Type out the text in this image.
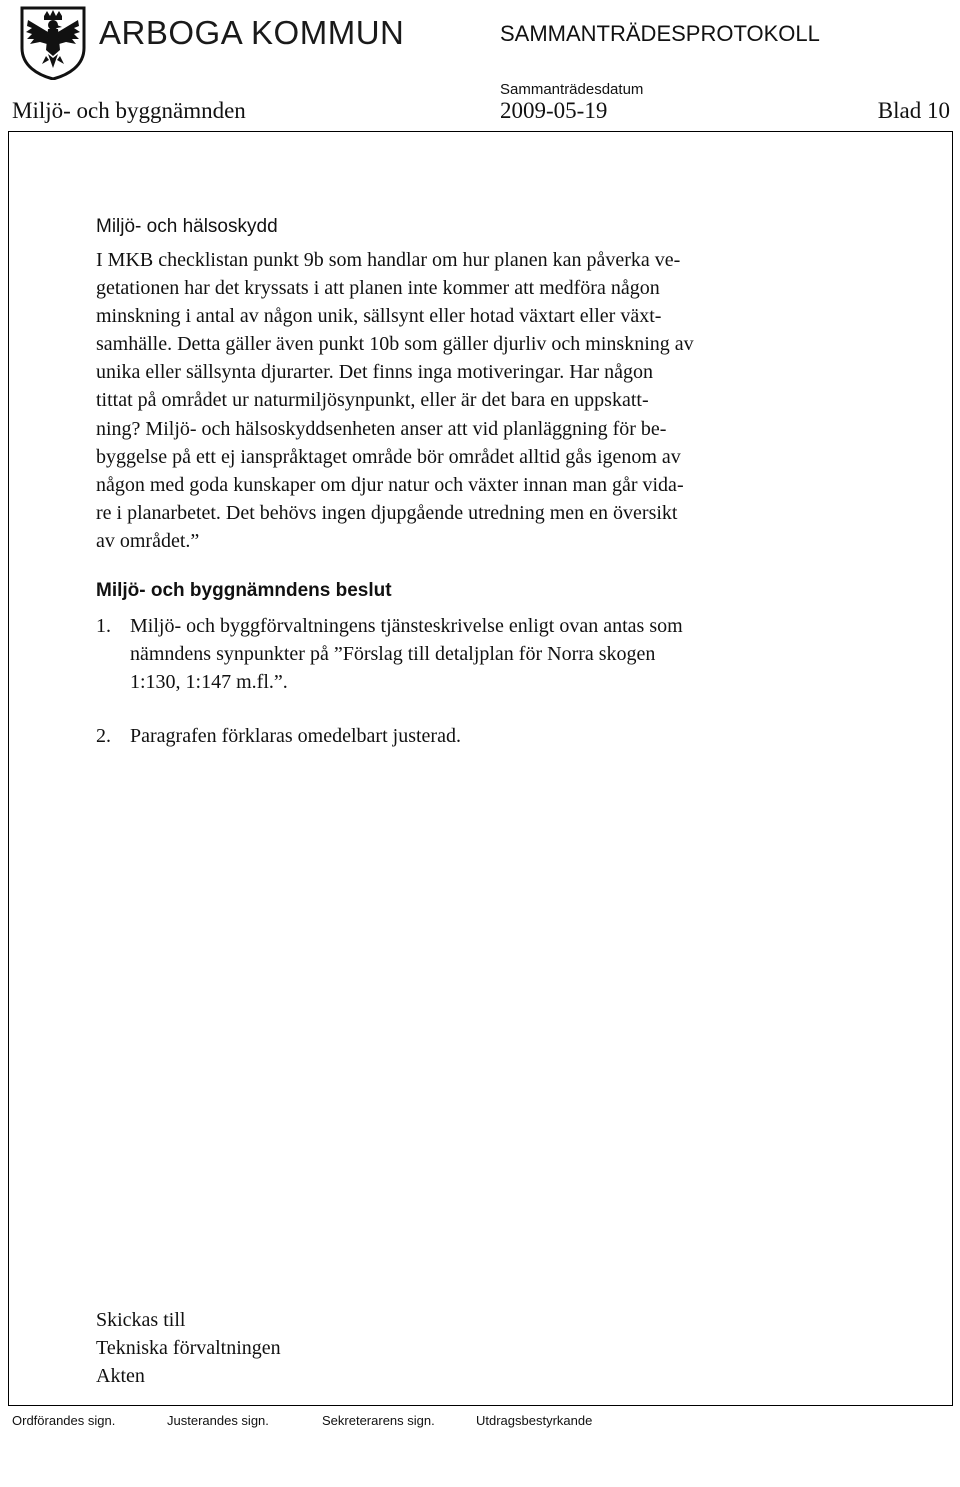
ARBOGA KOMMUN	SAMMANTRÄDESPROTOKOLL
Sammanträdesdatum
Miljö- och byggnämnden	2009-05-19	Blad 10
Miljö- och hälsoskydd
I MKB checklistan punkt 9b som handlar om hur planen kan påverka ve-
getationen har det kryssats i att planen inte kommer att medföra någon
minskning i antal av någon unik, sällsynt eller hotad växtart eller växt-
samhälle. Detta gäller även punkt 10b som gäller djurliv och minskning av
unika eller sällsynta djurarter. Det finns inga motiveringar. Har någon
tittat på området ur naturmiljösynpunkt, eller är det bara en uppskatt-
ning? Miljö- och hälsoskyddsenheten anser att vid planläggning för be-
byggelse på ett ej ianspråktaget område bör området alltid gås igenom av
någon med goda kunskaper om djur natur och växter innan man går vida-
re i planarbetet. Det behövs ingen djupgående utredning men en översikt
av området.”
Miljö- och byggnämndens beslut
1. Miljö- och byggförvaltningens tjänsteskrivelse enligt ovan antas som
nämndens synpunkter på ”Förslag till detaljplan för Norra skogen
1:130, 1:147 m.fl.”.
2. Paragrafen förklaras omedelbart justerad.
Skickas till
Tekniska förvaltningen
Akten
Ordförandes sign.	Justerandes sign.	Sekreterarens sign.	Utdragsbestyrkande
